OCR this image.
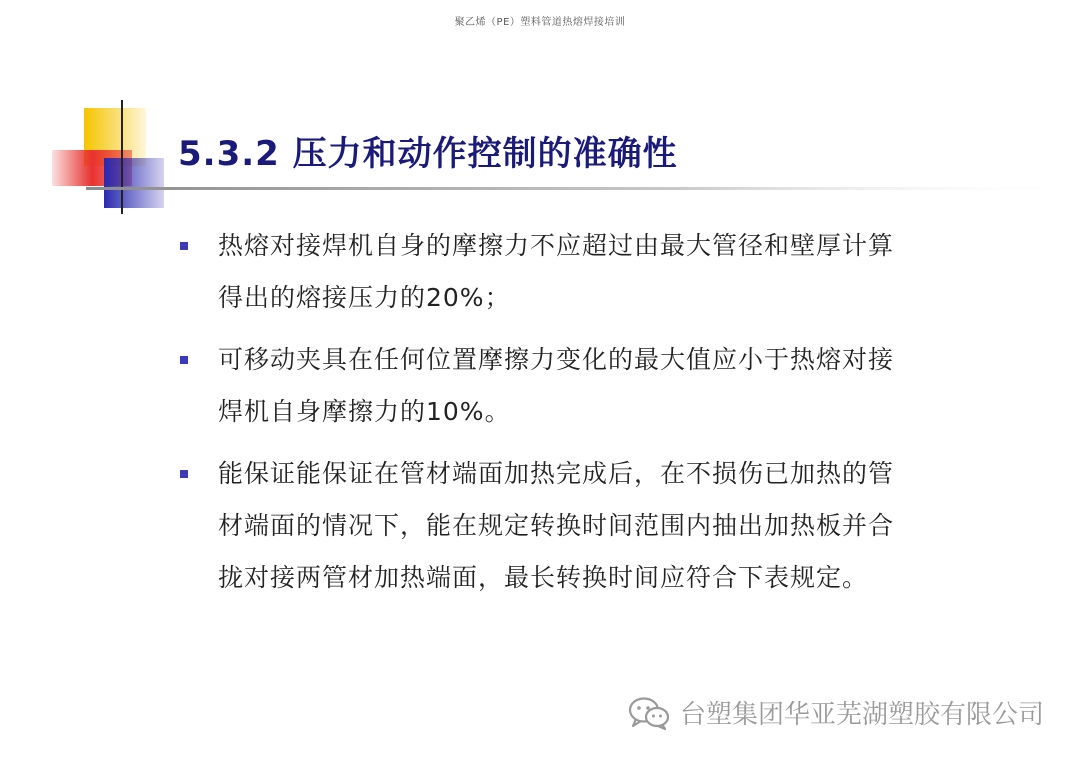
聚乙烯（PE）塑料管道热熔焊接培训
5.3.2 压力和动作控制的准确性
热熔对接焊机自身的摩擦力不应超过由最大管径和壁厚计算得出的熔接压力的20%；
可移动夹具在任何位置摩擦力变化的最大值应小于热熔对接焊机自身摩擦力的10%。
能保证能保证在管材端面加热完成后，在不损伤已加热的管材端面的情况下，能在规定转换时间范围内抽出加热板并合拢对接两管材加热端面，最长转换时间应符合下表规定。
台塑集团华亚芜湖塑胶有限公司
